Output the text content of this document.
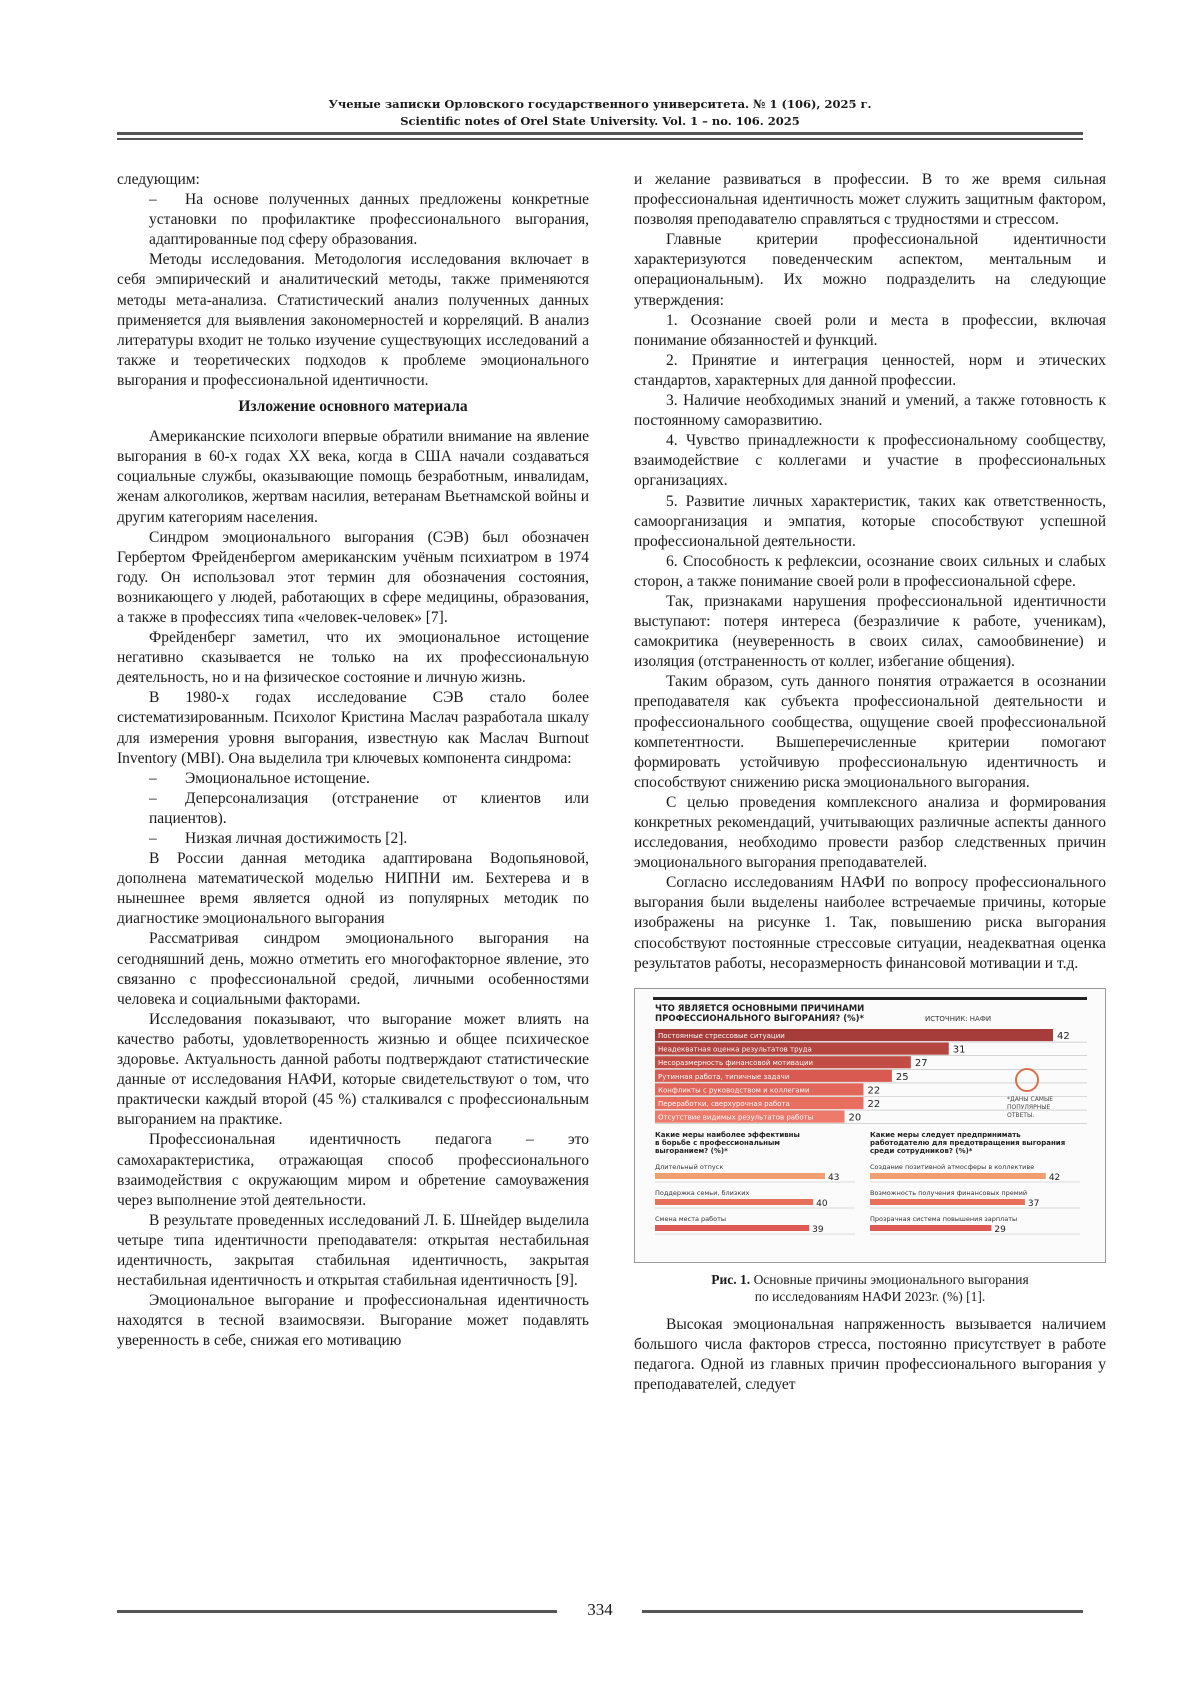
Ученые записки Орловского государственного университета. № 1 (106), 2025 г.
Scientific notes of Orel State University. Vol. 1 – no. 106. 2025

следующим:

– На основе полученных данных предложены конкретные установки по профилактике профессионального выгорания, адаптированные под сферу образования.

Методы исследования. Методология исследования включает в себя эмпирический и аналитический методы, также применяются методы мета-анализа. Статистический анализ полученных данных применяется для выявления закономерностей и корреляций. В анализ литературы входит не только изучение существующих исследований а также и теоретических подходов к проблеме эмоционального выгорания и профессиональной идентичности.

Изложение основного материала

Американские психологи впервые обратили внимание на явление выгорания в 60-х годах XX века, когда в США начали создаваться социальные службы, оказывающие помощь безработным, инвалидам, женам алкоголиков, жертвам насилия, ветеранам Вьетнамской войны и другим категориям населения.

Синдром эмоционального выгорания (СЭВ) был обозначен Гербертом Фрейденбергом американским учёным психиатром в 1974 году. Он использовал этот термин для обозначения состояния, возникающего у людей, работающих в сфере медицины, образования, а также в профессиях типа «человек-человек» [7].

Фрейденберг заметил, что их эмоциональное истощение негативно сказывается не только на их профессиональную деятельность, но и на физическое состояние и личную жизнь.

В 1980-х годах исследование СЭВ стало более систематизированным. Психолог Кристина Маслач разработала шкалу для измерения уровня выгорания, известную как Маслач Burnout Inventory (MBI). Она выделила три ключевых компонента синдрома:

– Эмоциональное истощение.

– Деперсонализация (отстранение от клиентов или пациентов).

– Низкая личная достижимость [2].

В России данная методика адаптирована Водопьяновой, дополнена математической моделью НИПНИ им. Бехтерева и в нынешнее время является одной из популярных методик по диагностике эмоционального выгорания

Рассматривая синдром эмоционального выгорания на сегодняшний день, можно отметить его многофакторное явление, это связанно с профессиональной средой, личными особенностями человека и социальными факторами.

Исследования показывают, что выгорание может влиять на качество работы, удовлетворенность жизнью и общее психическое здоровье. Актуальность данной работы подтверждают статистические данные от исследования НАФИ, которые свидетельствуют о том, что практически каждый второй (45 %) сталкивался с профессиональным выгоранием на практике.

Профессиональная идентичность педагога – это самохарактеристика, отражающая способ профессионального взаимодействия с окружающим миром и обретение самоуважения через выполнение этой деятельности.

В результате проведенных исследований Л. Б. Шнейдер выделила четыре типа идентичности преподавателя: открытая нестабильная идентичность, закрытая стабильная идентичность, закрытая нестабильная идентичность и открытая стабильная идентичность [9].

Эмоциональное выгорание и профессиональная идентичность находятся в тесной взаимосвязи. Выгорание может подавлять уверенность в себе, снижая его мотивацию

и желание развиваться в профессии. В то же время сильная профессиональная идентичность может служить защитным фактором, позволяя преподавателю справляться с трудностями и стрессом.

Главные критерии профессиональной идентичности характеризуются поведенческим аспектом, ментальным и операциональным). Их можно подразделить на следующие утверждения:

1. Осознание своей роли и места в профессии, включая понимание обязанностей и функций.

2. Принятие и интеграция ценностей, норм и этических стандартов, характерных для данной профессии.

3. Наличие необходимых знаний и умений, а также готовность к постоянному саморазвитию.

4. Чувство принадлежности к профессиональному сообществу, взаимодействие с коллегами и участие в профессиональных организациях.

5. Развитие личных характеристик, таких как ответственность, самоорганизация и эмпатия, которые способствуют успешной профессиональной деятельности.

6. Способность к рефлексии, осознание своих сильных и слабых сторон, а также понимание своей роли в профессиональной сфере.

Так, признаками нарушения профессиональной идентичности выступают: потеря интереса (безразличие к работе, ученикам), самокритика (неуверенность в своих силах, самообвинение) и изоляция (отстраненность от коллег, избегание общения).

Таким образом, суть данного понятия отражается в осознании преподавателя как субъекта профессиональной деятельности и профессионального сообщества, ощущение своей профессиональной компетентности. Вышеперечисленные критерии помогают формировать устойчивую профессиональную идентичность и способствуют снижению риска эмоционального выгорания.

С целью проведения комплексного анализа и формирования конкретных рекомендаций, учитывающих различные аспекты данного исследования, необходимо провести разбор следственных причин эмоционального выгорания преподавателей.

Согласно исследованиям НАФИ по вопросу профессионального выгорания были выделены наиболее встречаемые причины, которые изображены на рисунке 1. Так, повышению риска выгорания способствуют постоянные стрессовые ситуации, неадекватная оценка результатов работы, несоразмерность финансовой мотивации и т.д.

ЧТО ЯВЛЯЕТСЯ ОСНОВНЫМИ ПРИЧИНАМИ
ПРОФЕССИОНАЛЬНОГО ВЫГОРАНИЯ? (%)*	ИСТОЧНИК: НАФИ
Постоянные стрессовые ситуации	42
Неадекватная оценка результатов труда	31
Несоразмерность финансовой мотивации	27
Рутинная работа, типичные задачи	25
Конфликты с руководством и коллегами	22
Переработки, сверхурочная работа	22
Отсутствие видимых результатов работы	20
*ДАНЫ САМЫЕ
ПОПУЛЯРНЫЕ
ОТВЕТЫ.
Какие меры наиболее эффективны
в борьбе с профессиональным
выгоранием? (%)*
Длительный отпуск
43
Поддержка семьи, близких
40
Смена места работы
39
Какие меры следует предпринимать
работодателю для предотвращения выгорания
среди сотрудников? (%)*
Создание позитивной атмосферы в коллективе
42
Возможность получения финансовых премий
37
Прозрачная система повышения зарплаты
29
Рис. 1. Основные причины эмоционального выгорания
по исследованиям НАФИ 2023г. (%) [1].

Высокая эмоциональная напряженность вызывается наличием большого числа факторов стресса, постоянно присутствует в работе педагога. Одной из главных причин профессионального выгорания у преподавателей, следует

334
